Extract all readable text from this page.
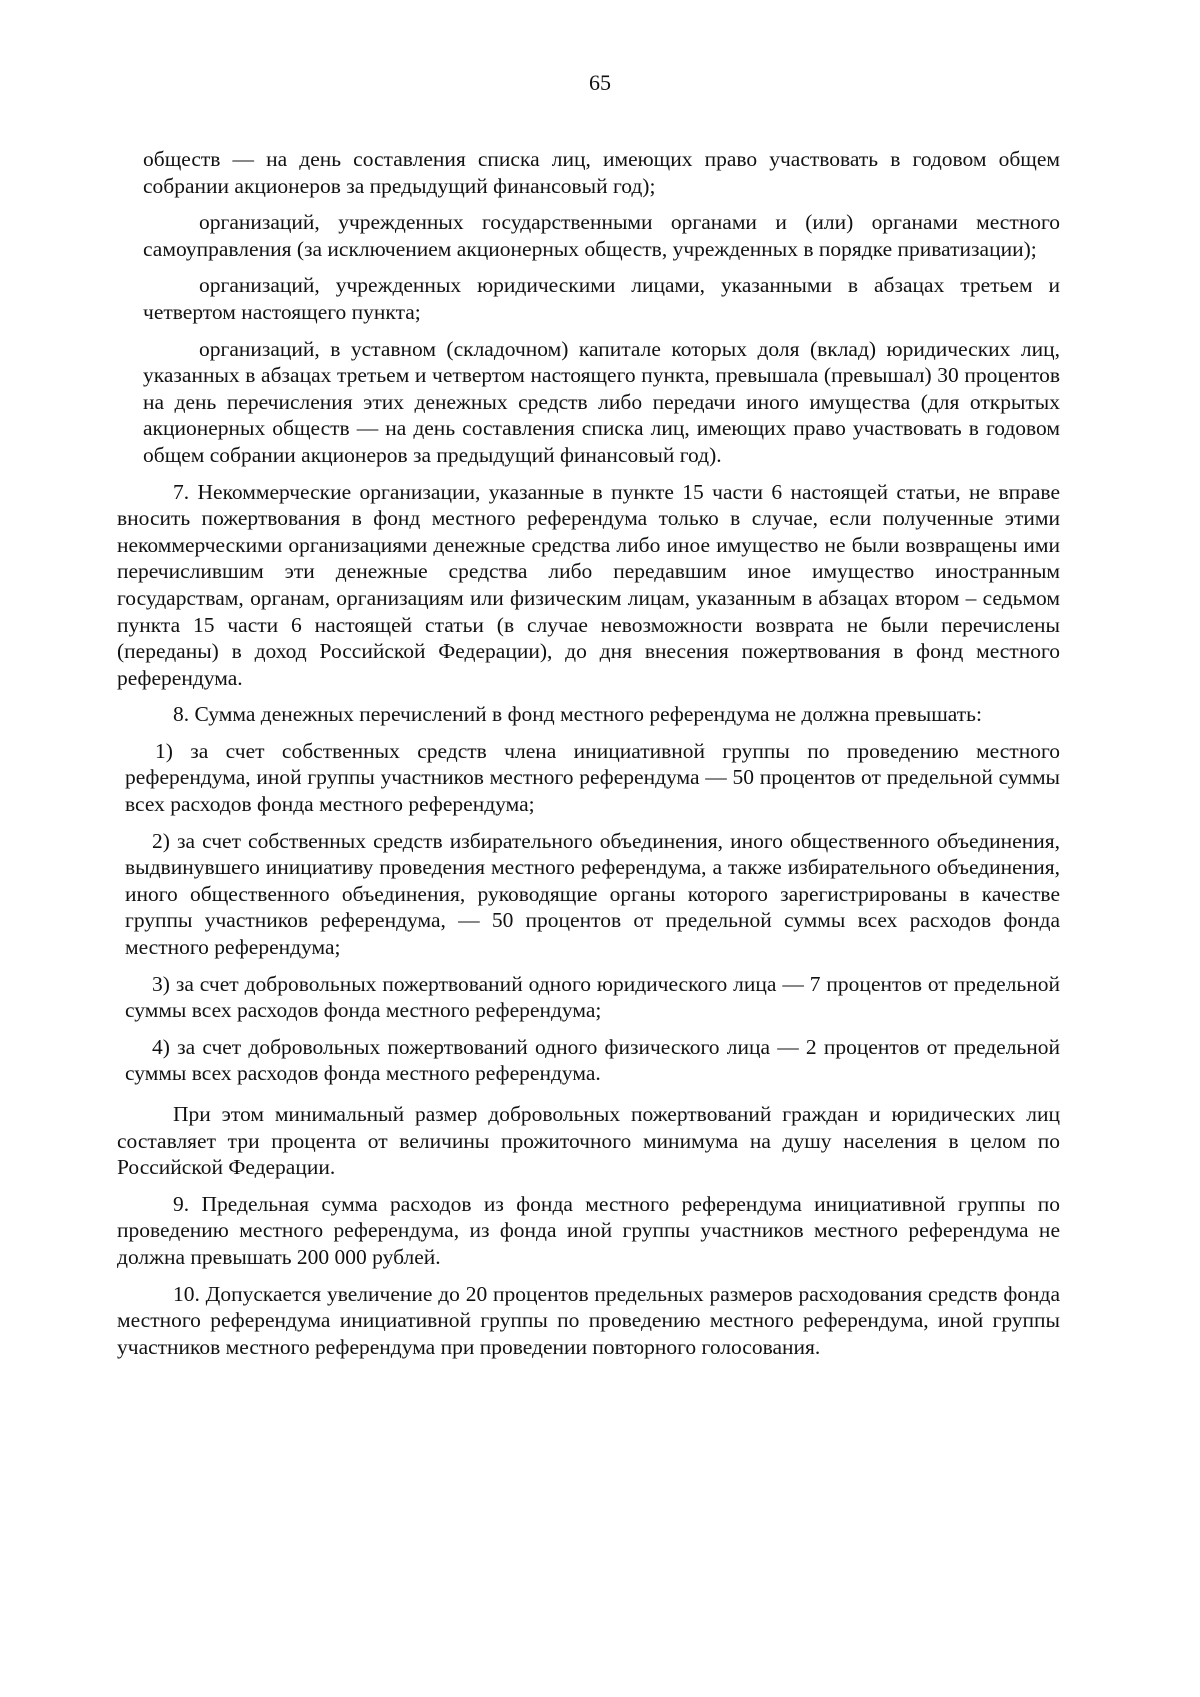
65

обществ — на день составления списка лиц, имеющих право участвовать в годовом общем собрании акционеров за предыдущий финансовый год);

организаций, учрежденных государственными органами и (или) органами местного самоуправления (за исключением акционерных обществ, учрежденных в порядке приватизации);

организаций, учрежденных юридическими лицами, указанными в абзацах третьем и четвертом настоящего пункта;

организаций, в уставном (складочном) капитале которых доля (вклад) юридических лиц, указанных в абзацах третьем и четвертом настоящего пункта, превышала (превышал) 30 процентов на день перечисления этих денежных средств либо передачи иного имущества (для открытых акционерных обществ — на день составления списка лиц, имеющих право участвовать в годовом общем собрании акционеров за предыдущий финансовый год).

7. Некоммерческие организации, указанные в пункте 15 части 6 настоящей статьи, не вправе вносить пожертвования в фонд местного референдума только в случае, если полученные этими некоммерческими организациями денежные средства либо иное имущество не были возвращены ими перечислившим эти денежные средства либо передавшим иное имущество иностранным государствам, органам, организациям или физическим лицам, указанным в абзацах втором – седьмом пункта 15 части 6 настоящей статьи (в случае невозможности возврата не были перечислены (переданы) в доход Российской Федерации), до дня внесения пожертвования в фонд местного референдума.

8. Сумма денежных перечислений в фонд местного референдума не должна превышать:

1) за счет собственных средств члена инициативной группы по проведению местного референдума, иной группы участников местного референдума — 50 процентов от предельной суммы всех расходов фонда местного референдума;

2) за счет собственных средств избирательного объединения, иного общественного объединения, выдвинувшего инициативу проведения местного референдума, а также избирательного объединения, иного общественного объединения, руководящие органы которого зарегистрированы в качестве группы участников референдума, — 50 процентов от предельной суммы всех расходов фонда местного референдума;

3) за счет добровольных пожертвований одного юридического лица — 7 процентов от предельной суммы всех расходов фонда местного референдума;

4) за счет добровольных пожертвований одного физического лица — 2 процентов от предельной суммы всех расходов фонда местного референдума.

При этом минимальный размер добровольных пожертвований граждан и юридических лиц составляет три процента от величины прожиточного минимума на душу населения в целом по Российской Федерации.

9. Предельная сумма расходов из фонда местного референдума инициативной группы по проведению местного референдума, из фонда иной группы участников местного референдума не должна превышать 200 000 рублей.

10. Допускается увеличение до 20 процентов предельных размеров расходования средств фонда местного референдума инициативной группы по проведению местного референдума, иной группы участников местного референдума при проведении повторного голосования.
